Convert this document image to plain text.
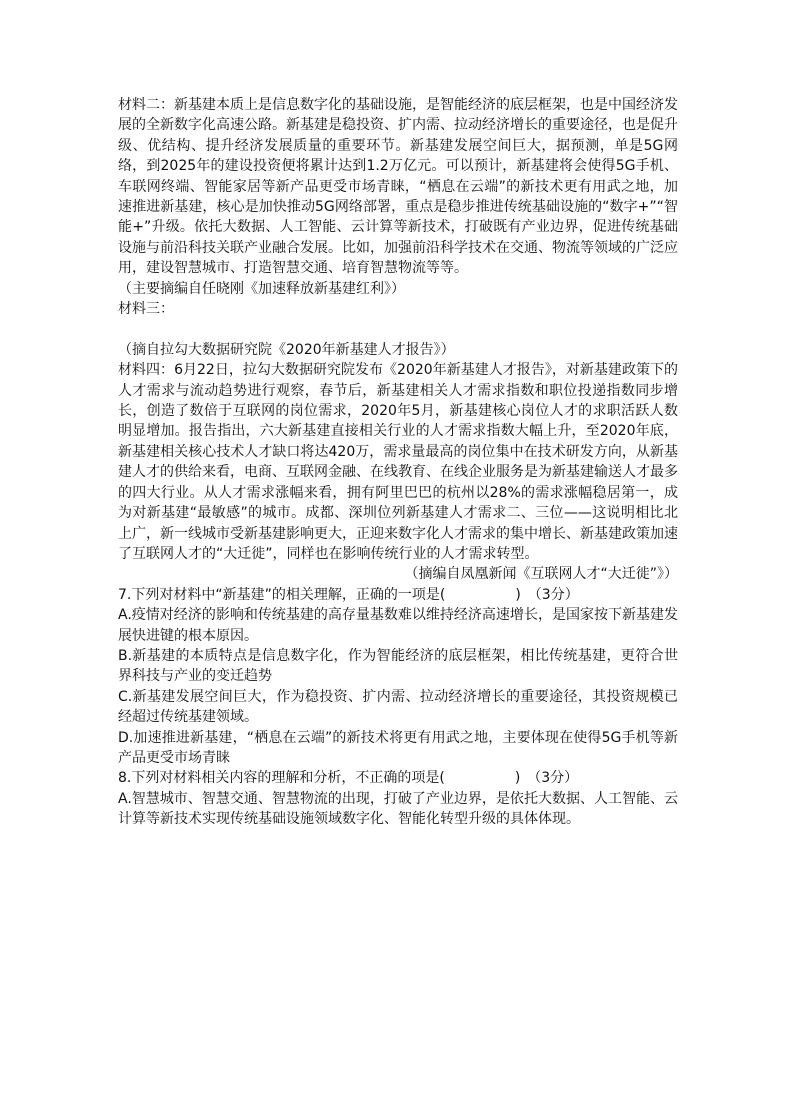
材料二：新基建本质上是信息数字化的基础设施，是智能经济的底层框架，也是中国经济发展的全新数字化高速公路。新基建是稳投资、扩内需、拉动经济增长的重要途径，也是促升级、优结构、提升经济发展质量的重要环节。新基建发展空间巨大，据预测，单是5G网络，到2025年的建设投资便将累计达到1.2万亿元。可以预计，新基建将会使得5G手机、车联网终端、智能家居等新产品更受市场青睐，“栖息在云端”的新技术更有用武之地，加速推进新基建，核心是加快推动5G网络部署，重点是稳步推进传统基础设施的“数字+”“智能+”升级。依托大数据、人工智能、云计算等新技术，打破既有产业边界，促进传统基础设施与前沿科技关联产业融合发展。比如，加强前沿科学技术在交通、物流等领域的广泛应用，建设智慧城市、打造智慧交通、培育智慧物流等等。

（主要摘编自任晓刚《加速释放新基建红利》）

材料三：

（摘自拉勾大数据研究院《2020年新基建人才报告》）

材料四：6月22日，拉勾大数据研究院发布《2020年新基建人才报告》，对新基建政策下的人才需求与流动趋势进行观察，春节后，新基建相关人才需求指数和职位投递指数同步增长，创造了数倍于互联网的岗位需求，2020年5月，新基建核心岗位人才的求职活跃人数明显增加。报告指出，六大新基建直接相关行业的人才需求指数大幅上升，至2020年底，新基建相关核心技术人才缺口将达420万，需求量最高的岗位集中在技术研发方向，从新基建人才的供给来看，电商、互联网金融、在线教育、在线企业服务是为新基建输送人才最多的四大行业。从人才需求涨幅来看，拥有阿里巴巴的杭州以28%的需求涨幅稳居第一，成为对新基建“最敏感”的城市。成都、深圳位列新基建人才需求二、三位——这说明相比北上广，新一线城市受新基建影响更大，正迎来数字化人才需求的集中增长、新基建政策加速了互联网人才的“大迁徙”，同样也在影响传统行业的人才需求转型。

（摘编自凤凰新闻《互联网人才“大迁徙”》）

7.下列对材料中“新基建”的相关理解，正确的一项是(　　　　　)　（3分）

A.疫情对经济的影响和传统基建的高存量基数难以维持经济高速增长，是国家按下新基建发展快进键的根本原因。

B.新基建的本质特点是信息数字化，作为智能经济的底层框架，相比传统基建，更符合世界科技与产业的变迁趋势

C.新基建发展空间巨大，作为稳投资、扩内需、拉动经济增长的重要途径，其投资规模已经超过传统基建领域。

D.加速推进新基建，“栖息在云端”的新技术将更有用武之地，主要体现在使得5G手机等新产品更受市场青睐

8.下列对材料相关内容的理解和分析，不正确的项是(　　　　　)　（3分）

A.智慧城市、智慧交通、智慧物流的出现，打破了产业边界，是依托大数据、人工智能、云计算等新技术实现传统基础设施领域数字化、智能化转型升级的具体体现。
